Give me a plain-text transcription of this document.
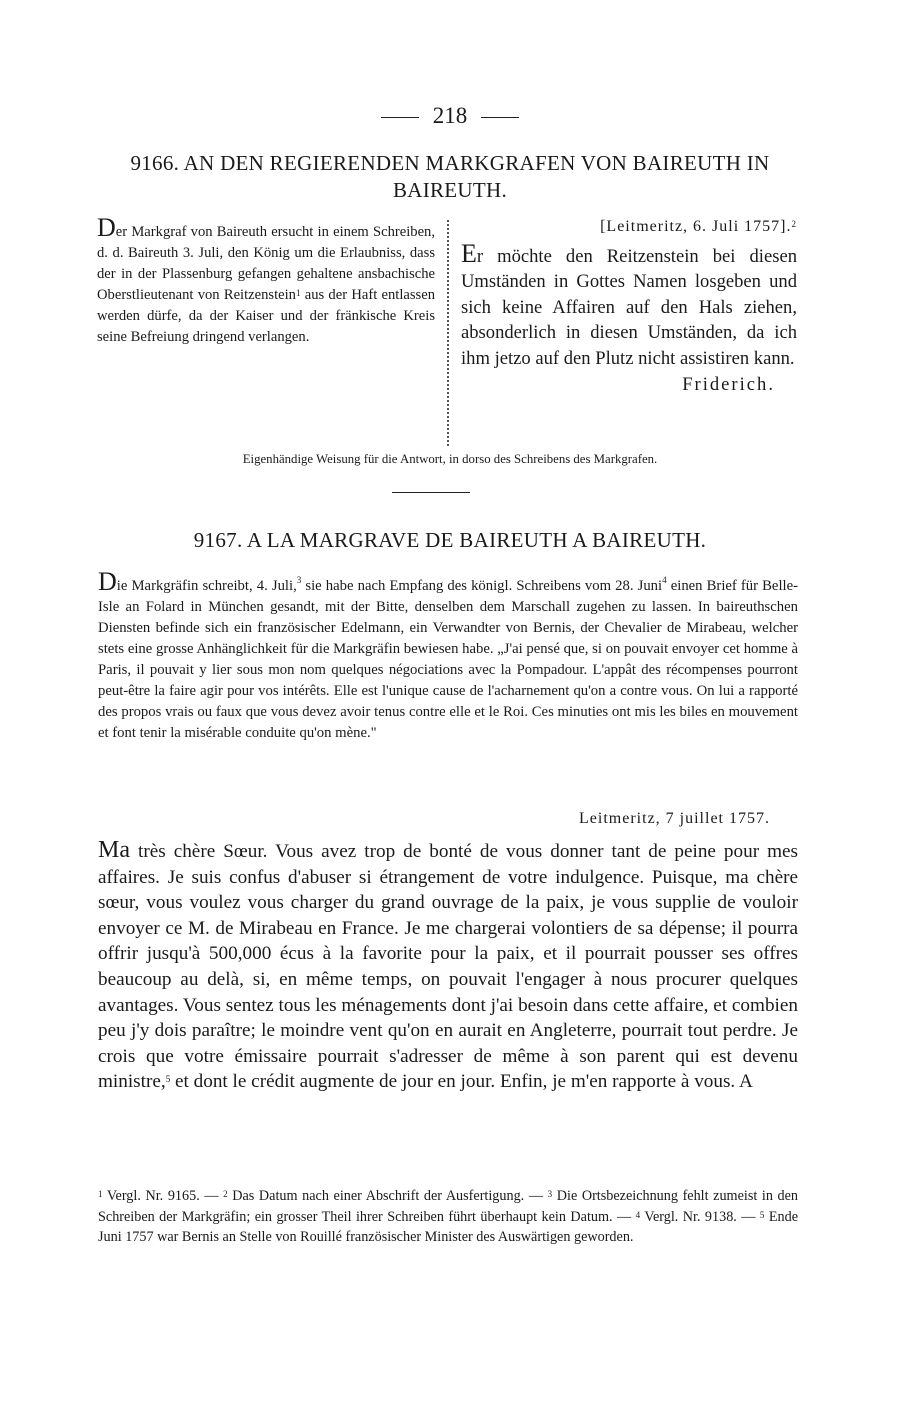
218
9166. AN DEN REGIERENDEN MARKGRAFEN VON BAIREUTH IN BAIREUTH.
Der Markgraf von Baireuth ersucht in einem Schreiben, d. d. Baireuth 3. Juli, den König um die Erlaubniss, dass der in der Plassenburg gefangen gehaltene ansbachische Oberstlieutenant von Reitzenstein$^1$ aus der Haft entlassen werden dürfe, da der Kaiser und der fränkische Kreis seine Befreiung dringend verlangen.
[Leitmeritz, 6. Juli 1757].$^2$
Er möchte den Reitzenstein bei diesen Umständen in Gottes Namen losgeben und sich keine Affairen auf den Hals ziehen, absonderlich in diesen Umständen, da ich ihm jetzo auf den Plutz nicht assistiren kann.
Friderich.
Eigenhändige Weisung für die Antwort, in dorso des Schreibens des Markgrafen.
9167. A LA MARGRAVE DE BAIREUTH A BAIREUTH.
Die Markgräfin schreibt, 4. Juli,$^3$ sie habe nach Empfang des königl. Schreibens vom 28. Juni$^4$ einen Brief für Belle-Isle an Folard in München gesandt, mit der Bitte, denselben dem Marschall zugehen zu lassen. In baireuthschen Diensten befinde sich ein französischer Edelmann, ein Verwandter von Bernis, der Chevalier de Mirabeau, welcher stets eine grosse Anhänglichkeit für die Markgräfin bewiesen habe. „J'ai pensé que, si on pouvait envoyer cet homme à Paris, il pouvait y lier sous mon nom quelques négociations avec la Pompadour. L'appât des récompenses pourront peut-être la faire agir pour vos intérêts. Elle est l'unique cause de l'acharnement qu'on a contre vous. On lui a rapporté des propos vrais ou faux que vous devez avoir tenus contre elle et le Roi. Ces minuties ont mis les biles en mouvement et font tenir la misérable conduite qu'on mène."
Leitmeritz, 7 juillet 1757.
Ma très chère Sœur. Vous avez trop de bonté de vous donner tant de peine pour mes affaires. Je suis confus d'abuser si étrangement de votre indulgence. Puisque, ma chère sœur, vous voulez vous charger du grand ouvrage de la paix, je vous supplie de vouloir envoyer ce M. de Mirabeau en France. Je me chargerai volontiers de sa dépense; il pourra offrir jusqu'à 500,000 écus à la favorite pour la paix, et il pourrait pousser ses offres beaucoup au delà, si, en même temps, on pouvait l'engager à nous procurer quelques avantages. Vous sentez tous les ménagements dont j'ai besoin dans cette affaire, et combien peu j'y dois paraître; le moindre vent qu'on en aurait en Angleterre, pourrait tout perdre. Je crois que votre émissaire pourrait s'adresser de même à son parent qui est devenu ministre,$^5$ et dont le crédit augmente de jour en jour. Enfin, je m'en rapporte à vous. A

$^1$ Vergl. Nr. 9165. — $^2$ Das Datum nach einer Abschrift der Ausfertigung. — $^3$ Die Ortsbezeichnung fehlt zumeist in den Schreiben der Markgräfin; ein grosser Theil ihrer Schreiben führt überhaupt kein Datum. — $^4$ Vergl. Nr. 9138. — $^5$ Ende Juni 1757 war Bernis an Stelle von Rouillé französischer Minister des Auswärtigen geworden.
